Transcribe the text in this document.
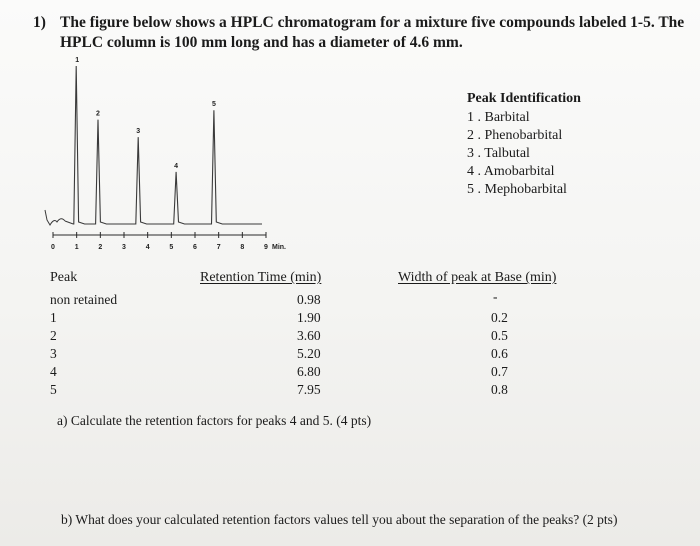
1) The figure below shows a HPLC chromatogram for a mixture five compounds labeled 1-5. The
HPLC column is 100 mm long and has a diameter of 4.6 mm.
1
2
3
4
5
0	1	2	3	4	5	6	7	8	9 Min.
Peak Identification
1 . Barbital
2 . Phenobarbital
3 . Talbutal
4 . Amobarbital
5 . Mephobarbital
Peak	Retention Time (min)	Width of peak at Base (min)
non retained	0.98	-
1	1.90	0.2
2	3.60	0.5
3	5.20	0.6
4	6.80	0.7
5	7.95	0.8
a) Calculate the retention factors for peaks 4 and 5. (4 pts)
b) What does your calculated retention factors values tell you about the separation of the peaks? (2 pts)
